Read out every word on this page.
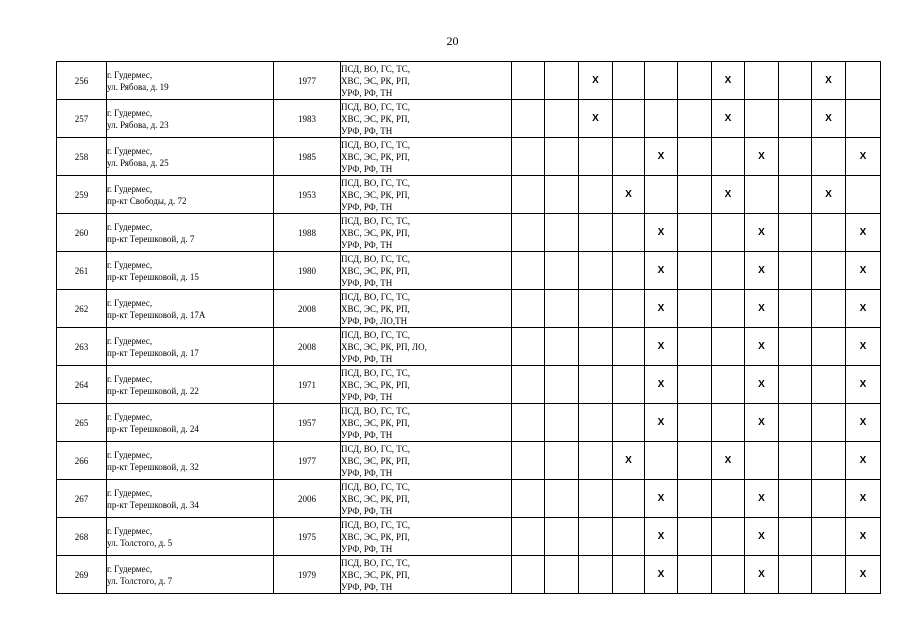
20
256	г. Гудермес,
ул. Рябова, д. 19	1977	ПСД, ВО, ГС, ТС,
ХВС, ЭС, РК, РП,
УРФ, РФ, ТН			X				X			X	
257	г. Гудермес,
ул. Рябова, д. 23	1983	ПСД, ВО, ГС, ТС,
ХВС, ЭС, РК, РП,
УРФ, РФ, ТН			X				X			X	
258	г. Гудермес,
ул. Рябова, д. 25	1985	ПСД, ВО, ГС, ТС,
ХВС, ЭС, РК, РП,
УРФ, РФ, ТН					X			X			X
259	г. Гудермес,
пр-кт Свободы, д. 72	1953	ПСД, ВО, ГС, ТС,
ХВС, ЭС, РК, РП,
УРФ, РФ, ТН				X			X			X	
260	г. Гудермес,
пр-кт Терешковой, д. 7	1988	ПСД, ВО, ГС, ТС,
ХВС, ЭС, РК, РП,
УРФ, РФ, ТН					X			X			X
261	г. Гудермес,
пр-кт Терешковой, д. 15	1980	ПСД, ВО, ГС, ТС,
ХВС, ЭС, РК, РП,
УРФ, РФ, ТН					X			X			X
262	г. Гудермес,
пр-кт Терешковой, д. 17А	2008	ПСД, ВО, ГС, ТС,
ХВС, ЭС, РК, РП,
УРФ, РФ, ЛО,ТН					X			X			X
263	г. Гудермес,
пр-кт Терешковой, д. 17	2008	ПСД, ВО, ГС, ТС,
ХВС, ЭС, РК, РП, ЛО,
УРФ, РФ, ТН					X			X			X
264	г. Гудермес,
пр-кт Терешковой, д. 22	1971	ПСД, ВО, ГС, ТС,
ХВС, ЭС, РК, РП,
УРФ, РФ, ТН					X			X			X
265	г. Гудермес,
пр-кт Терешковой, д. 24	1957	ПСД, ВО, ГС, ТС,
ХВС, ЭС, РК, РП,
УРФ, РФ, ТН					X			X			X
266	г. Гудермес,
пр-кт Терешковой, д. 32	1977	ПСД, ВО, ГС, ТС,
ХВС, ЭС, РК, РП,
УРФ, РФ, ТН				X			X				X
267	г. Гудермес,
пр-кт Терешковой, д. 34	2006	ПСД, ВО, ГС, ТС,
ХВС, ЭС, РК, РП,
УРФ, РФ, ТН					X			X			X
268	г. Гудермес,
ул. Толстого, д. 5	1975	ПСД, ВО, ГС, ТС,
ХВС, ЭС, РК, РП,
УРФ, РФ, ТН					X			X			X
269	г. Гудермес,
ул. Толстого, д. 7	1979	ПСД, ВО, ГС, ТС,
ХВС, ЭС, РК, РП,
УРФ, РФ, ТН					X			X			X
